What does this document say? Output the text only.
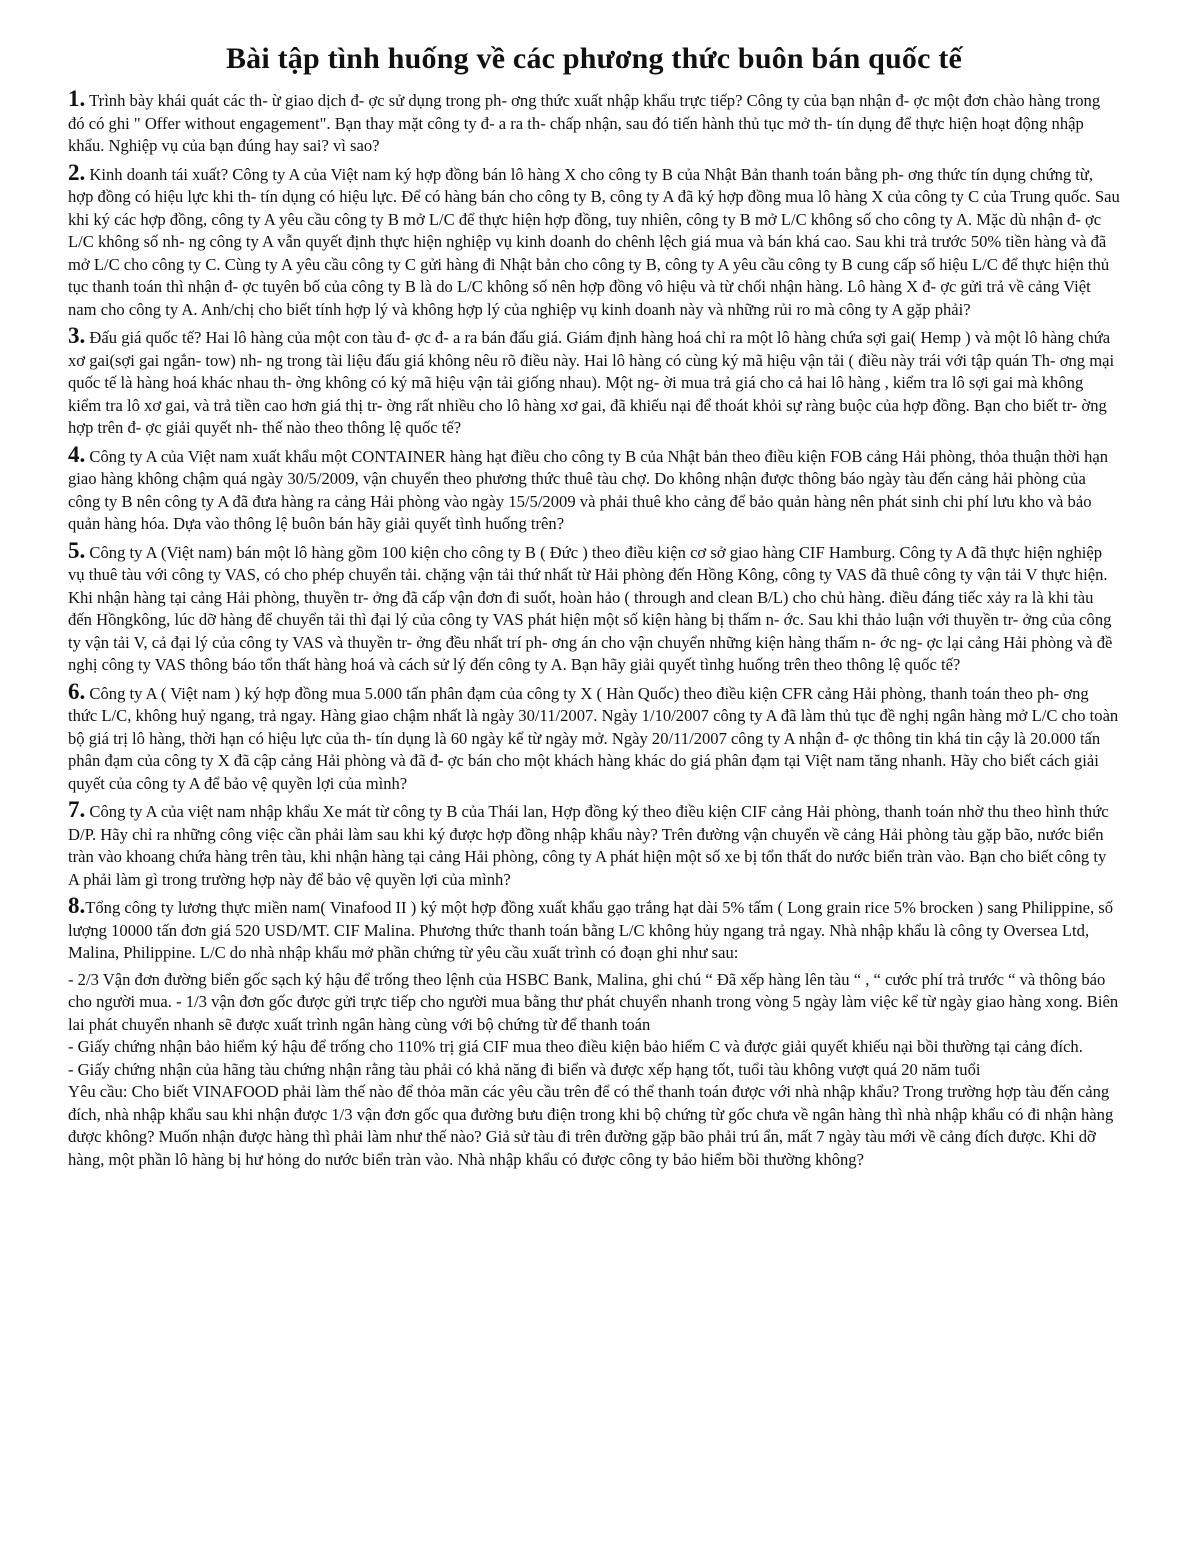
Bài tập tình huống về các phương thức buôn bán quốc tế

1. Trình bày khái quát các th- ừ giao dịch đ- ợc sử dụng trong ph- ơng thức xuất nhập khẩu trực tiếp? Công ty của bạn nhận đ- ợc một đơn chào hàng trong đó có ghi " Offer without engagement". Bạn thay mặt công ty đ- a ra th- chấp nhận, sau đó tiến hành thủ tục mở th- tín dụng để thực hiện hoạt động nhập khẩu. Nghiệp vụ của bạn đúng hay sai? vì sao?

2. Kinh doanh tái xuất? Công ty A của Việt nam ký hợp đồng bán lô hàng X cho công ty B của Nhật Bản thanh toán bằng ph- ơng thức tín dụng chứng từ, hợp đồng có hiệu lực khi th- tín dụng có hiệu lực. Để có hàng bán cho công ty B, công ty A đã ký hợp đồng mua lô hàng X của công ty C của Trung quốc. Sau khi ký các hợp đồng, công ty A yêu cầu công ty B mở L/C để thực hiện hợp đồng, tuy nhiên, công ty B mở L/C không số cho công ty A. Mặc dù nhận đ- ợc L/C không số nh- ng công ty A vẫn quyết định thực hiện nghiệp vụ kinh doanh do chênh lệch giá mua và bán khá cao. Sau khi trả trước 50% tiền hàng và đã mở L/C cho công ty C. Cùng ty A yêu cầu công ty C gửi hàng đi Nhật bản cho công ty B, công ty A yêu cầu công ty B cung cấp số hiệu L/C để thực hiện thủ tục thanh toán thì nhận đ- ợc tuyên bố của công ty B là do L/C không số nên hợp đồng vô hiệu và từ chối nhận hàng. Lô hàng X đ- ợc gửi trả về cảng Việt nam cho công ty A. Anh/chị cho biết tính hợp lý và không hợp lý của nghiệp vụ kinh doanh này và những rủi ro mà công ty A gặp phải?

3. Đấu giá quốc tế? Hai lô hàng của một con tàu đ- ợc đ- a ra bán đấu giá. Giám định hàng hoá chỉ ra một lô hàng chứa sợi gai( Hemp ) và một lô hàng chứa xơ gai(sợi gai ngắn- tow) nh- ng trong tài liệu đấu giá không nêu rõ điều này. Hai lô hàng có cùng ký mã hiệu vận tải ( điều này trái với tập quán Th- ơng mại quốc tế là hàng hoá khác nhau th- ờng không có ký mã hiệu vận tải giống nhau). Một ng- ời mua trả giá cho cả hai lô hàng , kiểm tra lô sợi gai mà không kiểm tra lô xơ gai, và trả tiền cao hơn giá thị tr- ờng rất nhiều cho lô hàng xơ gai, đã khiếu nại để thoát khỏi sự ràng buộc của hợp đồng. Bạn cho biết tr- ờng hợp trên đ- ợc giải quyết nh- thế nào theo thông lệ quốc tế?

4. Công ty A của Việt nam xuất khẩu một CONTAINER hàng hạt điều cho công ty B của Nhật bản theo điều kiện FOB cảng Hải phòng, thỏa thuận thời hạn giao hàng không chậm quá ngày 30/5/2009, vận chuyển theo phương thức thuê tàu chợ. Do không nhận được thông báo ngày tàu đến cảng hải phòng của công ty B nên công ty A đã đưa hàng ra cảng Hải phòng vào ngày 15/5/2009 và phải thuê kho cảng để bảo quản hàng nên phát sinh chi phí lưu kho và bảo quản hàng hóa. Dựa vào thông lệ buôn bán hãy giải quyết tình huống trên?

5. Công ty A (Việt nam) bán một lô hàng gồm 100 kiện cho công ty B ( Đức ) theo điều kiện cơ sở giao hàng CIF Hamburg. Công ty A đã thực hiện nghiệp vụ thuê tàu với công ty VAS, có cho phép chuyển tải. chặng vận tải thứ nhất từ Hải phòng đến Hồng Kông, công ty VAS đã thuê công ty vận tải V thực hiện. Khi nhận hàng tại cảng Hải phòng, thuyền tr- ởng đã cấp vận đơn đi suốt, hoàn hảo ( through and clean B/L) cho chủ hàng. điều đáng tiếc xảy ra là khi tàu đến Hồngkông, lúc dỡ hàng để chuyển tải thì đại lý của công ty VAS phát hiện một số kiện hàng bị thấm n- ớc. Sau khi thảo luận với thuyền tr- ởng của công ty vận tải V, cả đại lý của công ty VAS và thuyền tr- ởng đều nhất trí ph- ơng án cho vận chuyển những kiện hàng thấm n- ớc ng- ợc lại cảng Hải phòng và đề nghị công ty VAS thông báo tổn thất hàng hoá và cách sử lý đến công ty A. Bạn hãy giải quyết tìnhg huống trên theo thông lệ quốc tế?

6. Công ty A ( Việt nam ) ký hợp đồng mua 5.000 tấn phân đạm của công ty X ( Hàn Quốc) theo điều kiện CFR cảng Hải phòng, thanh toán theo ph- ơng thức L/C, không huỷ ngang, trả ngay. Hàng giao chậm nhất là ngày 30/11/2007. Ngày 1/10/2007 công ty A đã làm thủ tục đề nghị ngân hàng mở L/C cho toàn bộ giá trị lô hàng, thời hạn có hiệu lực của th- tín dụng là 60 ngày kể từ ngày mở. Ngày 20/11/2007 công ty A nhận đ- ợc thông tin khá tin cậy là 20.000 tấn phân đạm của công ty X đã cập cảng Hải phòng và đã đ- ợc bán cho một khách hàng khác do giá phân đạm tại Việt nam tăng nhanh. Hãy cho biết cách giải quyết của công ty A để bảo vệ quyền lợi của mình?

7. Công ty A của việt nam nhập khẩu Xe mát từ công ty B của Thái lan, Hợp đồng ký theo điều kiện CIF cảng Hải phòng, thanh toán nhờ thu theo hình thức D/P. Hãy chỉ ra những công việc cần phải làm sau khi ký được hợp đồng nhập khẩu này? Trên đường vận chuyển về cảng Hải phòng tàu gặp bão, nước biển tràn vào khoang chứa hàng trên tàu, khi nhận hàng tại cảng Hải phòng, công ty A phát hiện một số xe bị tổn thất do nước biển tràn vào. Bạn cho biết công ty A phải làm gì trong trường hợp này để bảo vệ quyền lợi của mình?

8.Tổng công ty lương thực miền nam( Vinafood II ) ký một hợp đồng xuất khẩu gạo trắng hạt dài 5% tấm ( Long grain rice 5% brocken ) sang Philippine, số lượng 10000 tấn đơn giá 520 USD/MT. CIF Malina. Phương thức thanh toán bằng L/C không hủy ngang trả ngay. Nhà nhập khẩu là công ty Oversea Ltd, Malina, Philippine. L/C do nhà nhập khẩu mở phần chứng từ yêu cầu xuất trình có đoạn ghi như sau:

- 2/3 Vận đơn đường biển gốc sạch ký hậu để trống theo lệnh của HSBC Bank, Malina, ghi chú “ Đã xếp hàng lên tàu “ , “ cước phí trả trước “ và thông báo cho người mua. - 1/3 vận đơn gốc được gửi trực tiếp cho người mua bằng thư phát chuyển nhanh trong vòng 5 ngày làm việc kể từ ngày giao hàng xong. Biên lai phát chuyển nhanh sẽ được xuất trình ngân hàng cùng với bộ chứng từ để thanh toán

- Giấy chứng nhận bảo hiểm ký hậu để trống cho 110% trị giá CIF mua theo điều kiện bảo hiểm C và được giải quyết khiếu nại bồi thường tại cảng đích.

- Giấy chứng nhận của hãng tàu chứng nhận rằng tàu phải có khả năng đi biển và được xếp hạng tốt, tuổi tàu không vượt quá 20 năm tuổi

Yêu cầu: Cho biết VINAFOOD phải làm thế nào để thỏa mãn các yêu cầu trên để có thể thanh toán được với nhà nhập khẩu? Trong trường hợp tàu đến cảng đích, nhà nhập khẩu sau khi nhận được 1/3 vận đơn gốc qua đường bưu điện trong khi bộ chứng từ gốc chưa về ngân hàng thì nhà nhập khẩu có đi nhận hàng được không? Muốn nhận được hàng thì phải làm như thế nào? Giả sử tàu đi trên đường gặp bão phải trú ẩn, mất 7 ngày tàu mới về cảng đích được. Khi dỡ hàng, một phần lô hàng bị hư hỏng do nước biển tràn vào. Nhà nhập khẩu có được công ty bảo hiểm bồi thường không?
